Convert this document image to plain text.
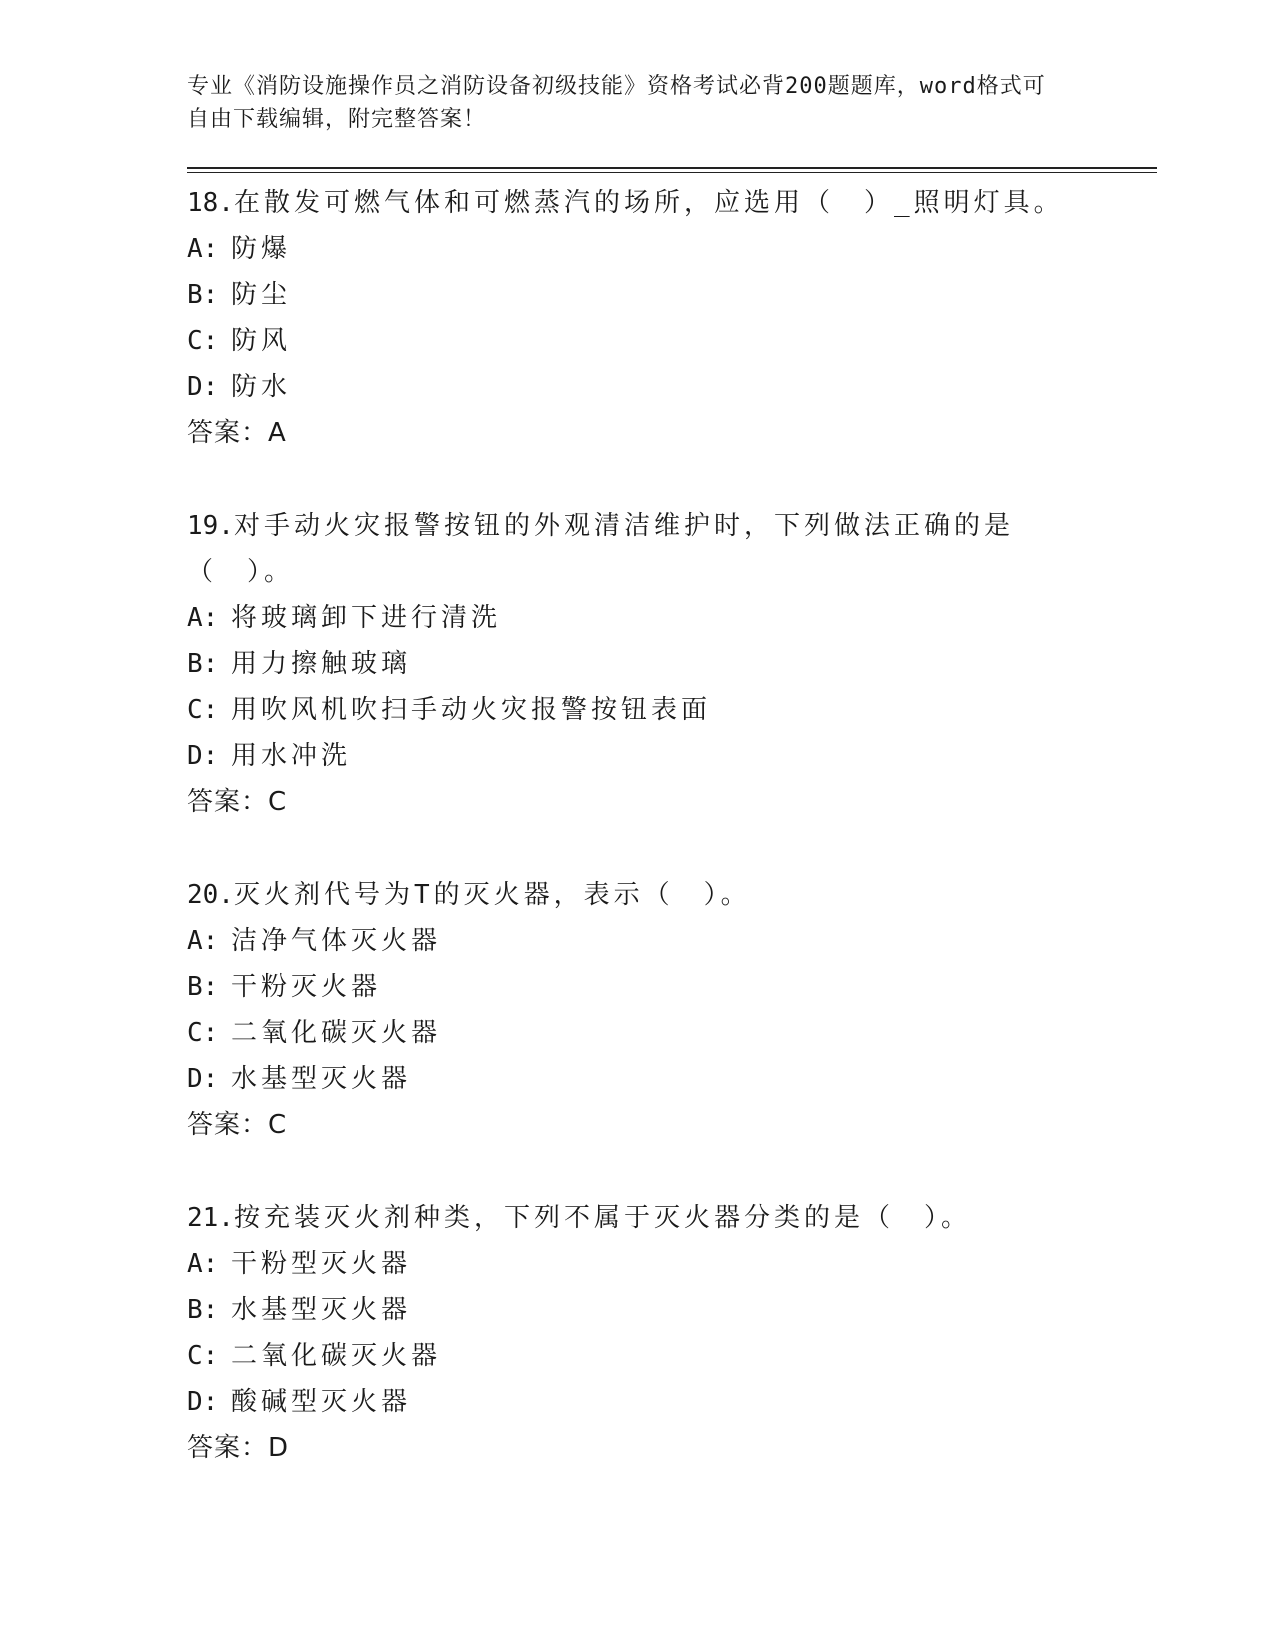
专业《消防设施操作员之消防设备初级技能》资格考试必背200题题库，word格式可自由下载编辑，附完整答案！

18.在散发可燃气体和可燃蒸汽的场所，应选用（　）_照明灯具。

A: 防爆

B: 防尘

C: 防风

D: 防水

答案：A

19.对手动火灾报警按钮的外观清洁维护时，下列做法正确的是（　）。

A: 将玻璃卸下进行清洗

B: 用力擦触玻璃

C: 用吹风机吹扫手动火灾报警按钮表面

D: 用水冲洗

答案：C

20.灭火剂代号为T的灭火器，表示（　）。

A: 洁净气体灭火器

B: 干粉灭火器

C: 二氧化碳灭火器

D: 水基型灭火器

答案：C

21.按充装灭火剂种类，下列不属于灭火器分类的是（　）。

A: 干粉型灭火器

B: 水基型灭火器

C: 二氧化碳灭火器

D: 酸碱型灭火器

答案：D
